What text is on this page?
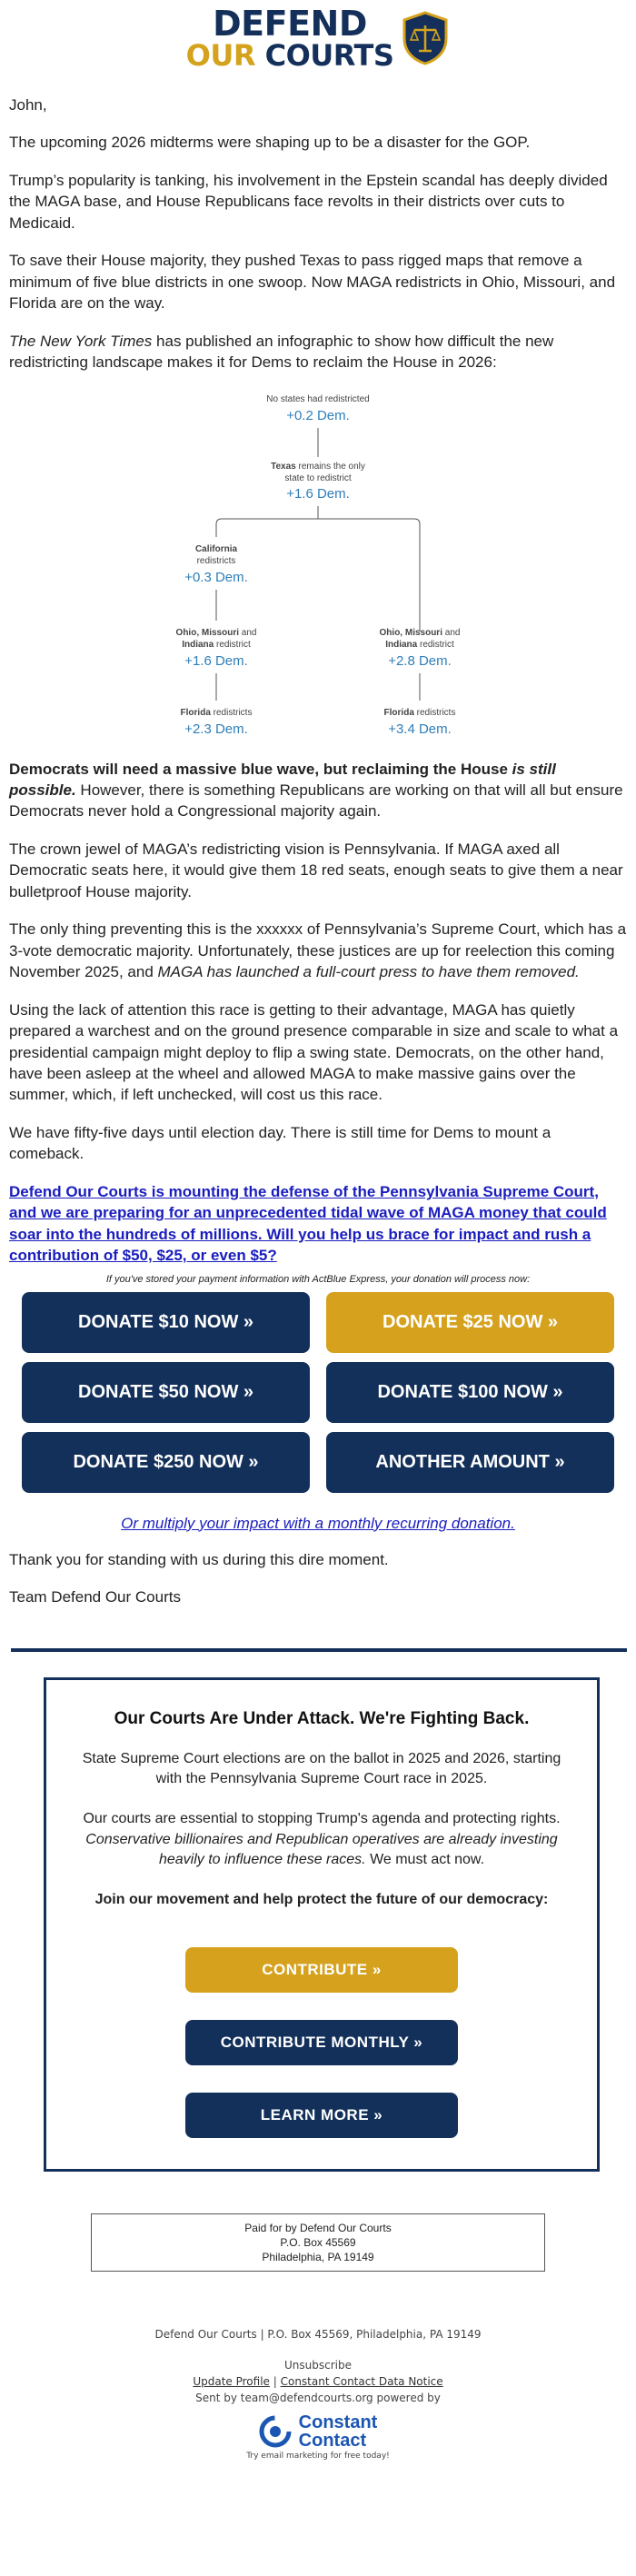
DEFEND
OUR COURTS

John,

The upcoming 2026 midterms were shaping up to be a disaster for the GOP.

Trump’s popularity is tanking, his involvement in the Epstein scandal has deeply divided the MAGA base, and House Republicans face revolts in their districts over cuts to Medicaid.

To save their House majority, they pushed Texas to pass rigged maps that remove a minimum of five blue districts in one swoop. Now MAGA redistricts in Ohio, Missouri, and Florida are on the way.

The New York Times has published an infographic to show how difficult the new redistricting landscape makes it for Dems to reclaim the House in 2026:

No states had redistricted
+0.2 Dem.
Texas remains the only
state to redistrict
+1.6 Dem.
California
redistricts
+0.3 Dem.
Ohio, Missouri and
Indiana redistrict
+1.6 Dem.
Ohio, Missouri and
Indiana redistrict
+2.8 Dem.
Florida redistricts
+2.3 Dem.
Florida redistricts
+3.4 Dem.

Democrats will need a massive blue wave, but reclaiming the House is still possible. However, there is something Republicans are working on that will all but ensure Democrats never hold a Congressional majority again.

The crown jewel of MAGA’s redistricting vision is Pennsylvania. If MAGA axed all Democratic seats here, it would give them 18 red seats, enough seats to give them a near bulletproof House majority.

The only thing preventing this is the xxxxxx of Pennsylvania’s Supreme Court, which has a 3-vote democratic majority. Unfortunately, these justices are up for reelection this coming November 2025, and MAGA has launched a full-court press to have them removed.

Using the lack of attention this race is getting to their advantage, MAGA has quietly prepared a warchest and on the ground presence comparable in size and scale to what a presidential campaign might deploy to flip a swing state. Democrats, on the other hand, have been asleep at the wheel and allowed MAGA to make massive gains over the summer, which, if left unchecked, will cost us this race.

We have fifty-five days until election day. There is still time for Dems to mount a comeback.

Defend Our Courts is mounting the defense of the Pennsylvania Supreme Court, and we are preparing for an unprecedented tidal wave of MAGA money that could soar into the hundreds of millions. Will you help us brace for impact and rush a contribution of $50, $25, or even $5?

If you've stored your payment information with ActBlue Express, your donation will process now:
DONATE $10 NOW »	DONATE $25 NOW »
DONATE $50 NOW »	DONATE $100 NOW »
DONATE $250 NOW »	ANOTHER AMOUNT »
Or multiply your impact with a monthly recurring donation.

Thank you for standing with us during this dire moment.

Team Defend Our Courts

Our Courts Are Under Attack. We're Fighting Back.

State Supreme Court elections are on the ballot in 2025 and 2026, starting with the Pennsylvania Supreme Court race in 2025.

Our courts are essential to stopping Trump's agenda and protecting rights. Conservative billionaires and Republican operatives are already investing heavily to influence these races. We must act now.

Join our movement and help protect the future of our democracy:

CONTRIBUTE »
CONTRIBUTE MONTHLY »
LEARN MORE »
Paid for by Defend Our Courts
P.O. Box 45569
Philadelphia, PA 19149
Defend Our Courts | P.O. Box 45569, Philadelphia, PA 19149
Unsubscribe
Update Profile | Constant Contact Data Notice
Sent by team@defendcourts.org powered by
Constant
Contact
Try email marketing for free today!
